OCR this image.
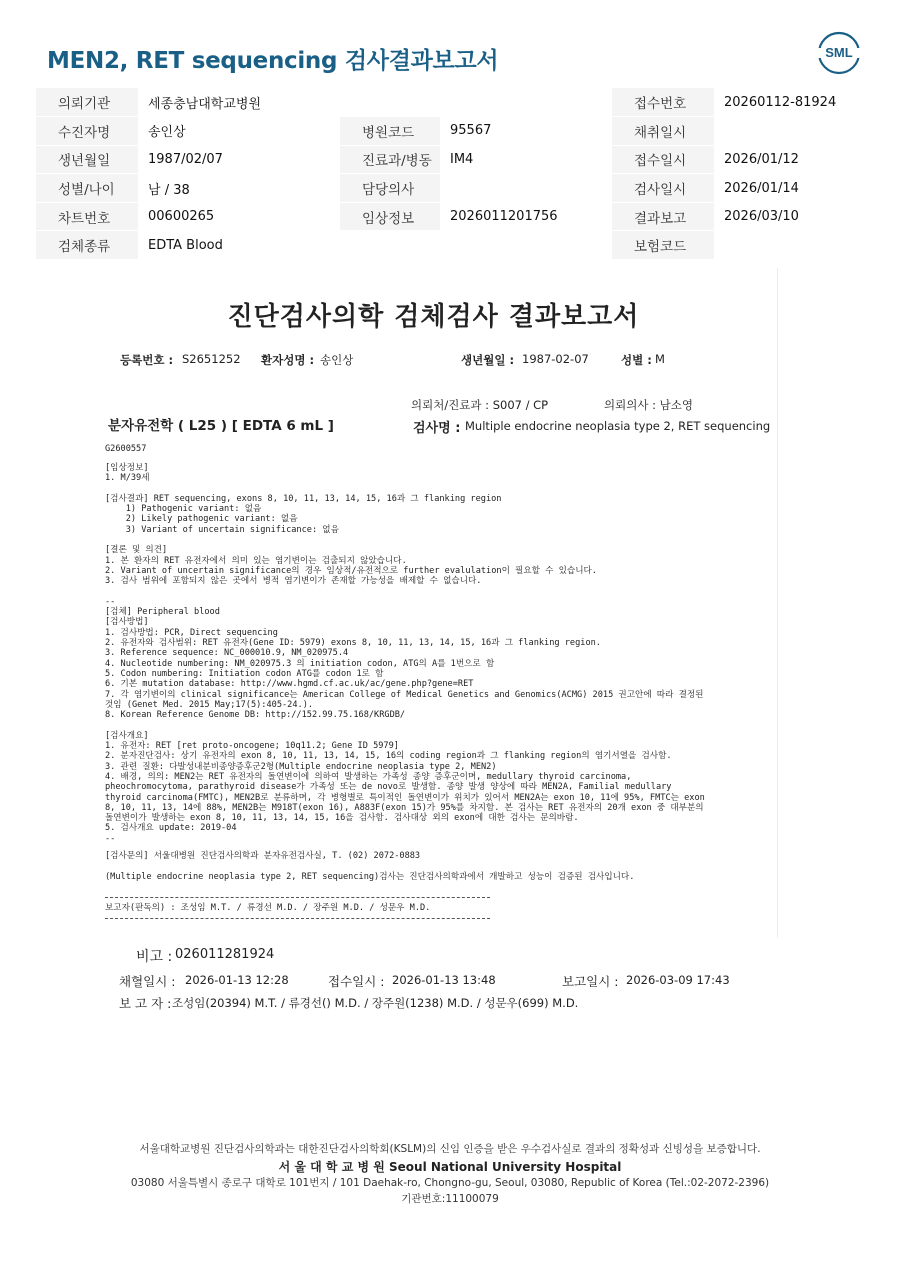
MEN2, RET sequencing 검사결과보고서	SML
의뢰기관	세종충남대학교병원				접수번호	20260112-81924
수진자명	송인상	병원코드	95567		채취일시	
생년월일	1987/02/07	진료과/병동	IM4		접수일시	2026/01/12
성별/나이	남 / 38	담당의사			검사일시	2026/01/14
차트번호	00600265	임상정보	2026011201756		결과보고	2026/03/10
검체종류	EDTA Blood				보험코드	
진단검사의학 검체검사 결과보고서
등록번호 : S2651252 환자성명 : 송인상	생년월일 : 1987-02-07	성별 : M
의뢰처/진료과 : S007 / CP	의뢰의사 : 남소영
분자유전학 ( L25 ) [ EDTA 6 mL ]	검사명 : Multiple endocrine neoplasia type 2, RET sequencing
G2600557
[임상정보]
1. M/39세

[검사결과] RET sequencing, exons 8, 10, 11, 13, 14, 15, 16과 그 flanking region
1) Pathogenic variant: 없음
2) Likely pathogenic variant: 없음
3) Variant of uncertain significance: 없음

[결론 및 의견]
1. 본 환자의 RET 유전자에서 의미 있는 염기변이는 검출되지 않았습니다.
2. Variant of uncertain significance의 경우 임상적/유전적으로 further evalulation이 필요할 수 있습니다.
3. 검사 범위에 포함되지 않은 곳에서 병적 염기변이가 존재할 가능성을 배제할 수 없습니다.

--
[검체] Peripheral blood
[검사방법]
1. 검사방법: PCR, Direct sequencing
2. 유전자와 검사범위: RET 유전자(Gene ID: 5979) exons 8, 10, 11, 13, 14, 15, 16과 그 flanking region.
3. Reference sequence: NC_000010.9, NM_020975.4
4. Nucleotide numbering: NM_020975.3 의 initiation codon, ATG의 A를 1번으로 함
5. Codon numbering: Initiation codon ATG를 codon 1로 함
6. 기본 mutation database: http://www.hgmd.cf.ac.uk/ac/gene.php?gene=RET
7. 각 염기변이의 clinical significance는 American College of Medical Genetics and Genomics(ACMG) 2015 권고안에 따라 결정된
것임 (Genet Med. 2015 May;17(5):405-24.).
8. Korean Reference Genome DB: http://152.99.75.168/KRGDB/

[검사개요]
1. 유전자: RET [ret proto-oncogene; 10q11.2; Gene ID 5979]
2. 분자진단검사: 상기 유전자의 exon 8, 10, 11, 13, 14, 15, 16의 coding region과 그 flanking region의 염기서열을 검사함.
3. 관련 질환: 다발성내분비종양증후군2형(Multiple endocrine neoplasia type 2, MEN2)
4. 배경, 의의: MEN2는 RET 유전자의 돌연변이에 의하여 발생하는 가족성 종양 증후군이며, medullary thyroid carcinoma,
pheochromocytoma, parathyroid disease가 가족성 또는 de novo로 발생함. 종양 발생 양상에 따라 MEN2A, Familial medullary
thyroid carcinoma(FMTC), MEN2B로 분류하며, 각 병형별로 특이적인 돌연변이가 위치가 있어서 MEN2A는 exon 10, 11에 95%, FMTC는 exon
8, 10, 11, 13, 14에 88%, MEN2B는 M918T(exon 16), A883F(exon 15)가 95%를 차지함. 본 검사는 RET 유전자의 20개 exon 중 대부분의
돌연변이가 발생하는 exon 8, 10, 11, 13, 14, 15, 16을 검사함. 검사대상 외의 exon에 대한 검사는 문의바람.
5. 검사개요 update: 2019-04
--
[검사문의] 서울대병원 진단검사의학과 분자유전검사실, T. (02) 2072-0883
(Multiple endocrine neoplasia type 2, RET sequencing)검사는 진단검사의학과에서 개발하고 성능이 검증된 검사입니다.
보고자(판독의) : 조성임 M.T. / 류경선 M.D. / 장주원 M.D. / 성문우 M.D.
비고 : 026011281924
채혈일시 : 2026-01-13 12:28	접수일시 : 2026-01-13 13:48	보고일시 : 2026-03-09 17:43
보 고 자 : 조성임(20394) M.T. / 류경선() M.D. / 장주원(1238) M.D. / 성문우(699) M.D.
서울대학교병원 진단검사의학과는 대한진단검사의학회(KSLM)의 신임 인증을 받은 우수검사실로 결과의 정확성과 신빙성을 보증합니다.
서 울 대 학 교 병 원 Seoul National University Hospital
03080 서울특별시 종로구 대학로 101번지 / 101 Daehak-ro, Chongno-gu, Seoul, 03080, Republic of Korea (Tel.:02-2072-2396)
기관번호:11100079
